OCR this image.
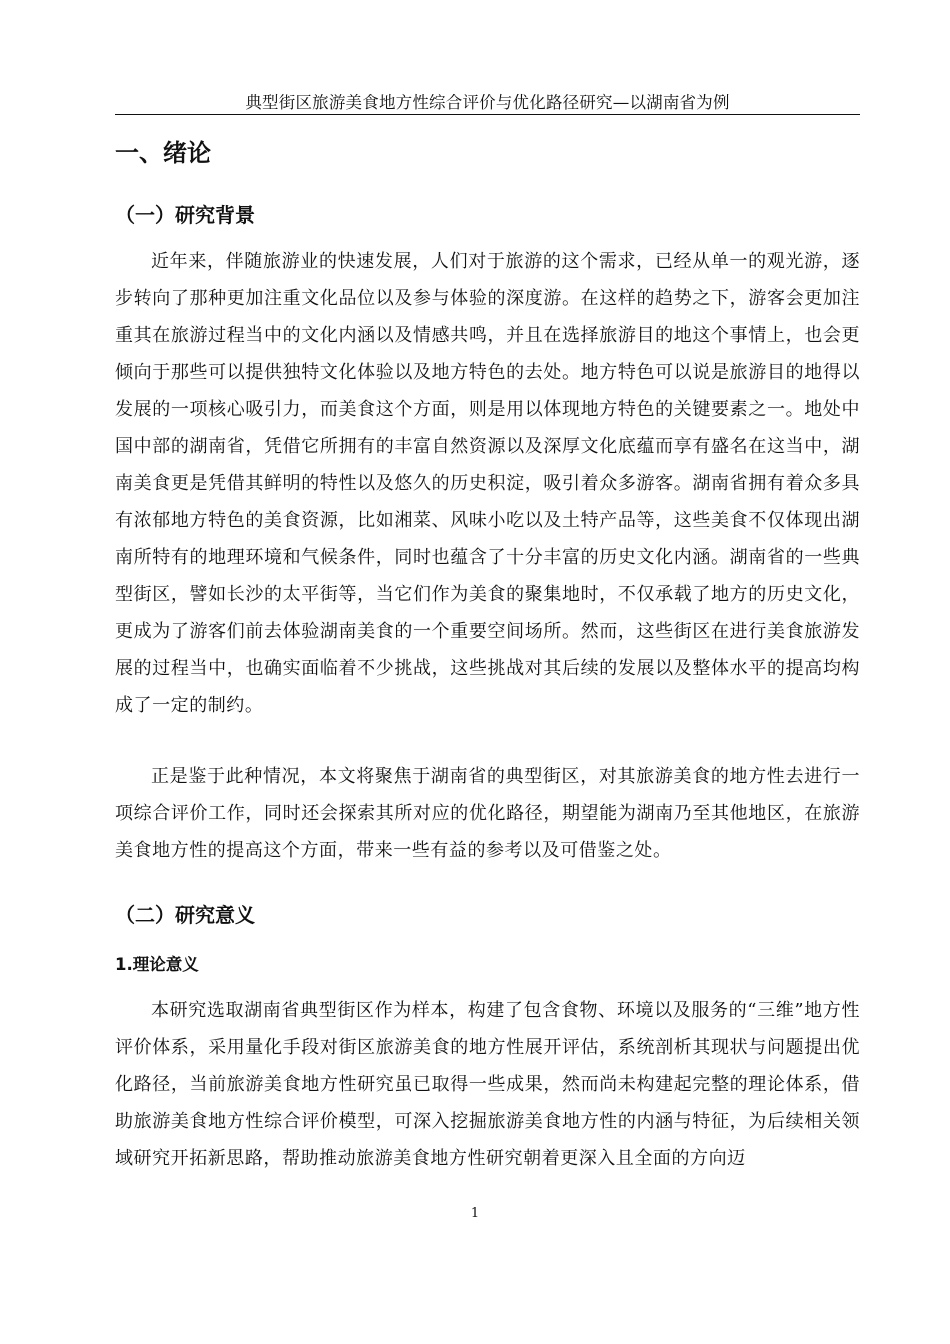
典型街区旅游美食地方性综合评价与优化路径研究—以湖南省为例
一、绪论
（一）研究背景

近年来，伴随旅游业的快速发展，人们对于旅游的这个需求，已经从单一的观光游，逐步转向了那种更加注重文化品位以及参与体验的深度游。在这样的趋势之下，游客会更加注重其在旅游过程当中的文化内涵以及情感共鸣，并且在选择旅游目的地这个事情上，也会更倾向于那些可以提供独特文化体验以及地方特色的去处。地方特色可以说是旅游目的地得以发展的一项核心吸引力，而美食这个方面，则是用以体现地方特色的关键要素之一。地处中国中部的湖南省，凭借它所拥有的丰富自然资源以及深厚文化底蕴而享有盛名在这当中，湖南美食更是凭借其鲜明的特性以及悠久的历史积淀，吸引着众多游客。湖南省拥有着众多具有浓郁地方特色的美食资源，比如湘菜、风味小吃以及土特产品等，这些美食不仅体现出湖南所特有的地理环境和气候条件，同时也蕴含了十分丰富的历史文化内涵。湖南省的一些典型街区，譬如长沙的太平街等，当它们作为美食的聚集地时，不仅承载了地方的历史文化，更成为了游客们前去体验湖南美食的一个重要空间场所。然而，这些街区在进行美食旅游发展的过程当中，也确实面临着不少挑战，这些挑战对其后续的发展以及整体水平的提高均构成了一定的制约。

正是鉴于此种情况，本文将聚焦于湖南省的典型街区，对其旅游美食的地方性去进行一项综合评价工作，同时还会探索其所对应的优化路径，期望能为湖南乃至其他地区，在旅游美食地方性的提高这个方面，带来一些有益的参考以及可借鉴之处。

（二）研究意义
1.理论意义

本研究选取湖南省典型街区作为样本，构建了包含食物、环境以及服务的“三维”地方性评价体系，采用量化手段对街区旅游美食的地方性展开评估，系统剖析其现状与问题提出优化路径，当前旅游美食地方性研究虽已取得一些成果，然而尚未构建起完整的理论体系，借助旅游美食地方性综合评价模型，可深入挖掘旅游美食地方性的内涵与特征，为后续相关领域研究开拓新思路，帮助推动旅游美食地方性研究朝着更深入且全面的方向迈

1
